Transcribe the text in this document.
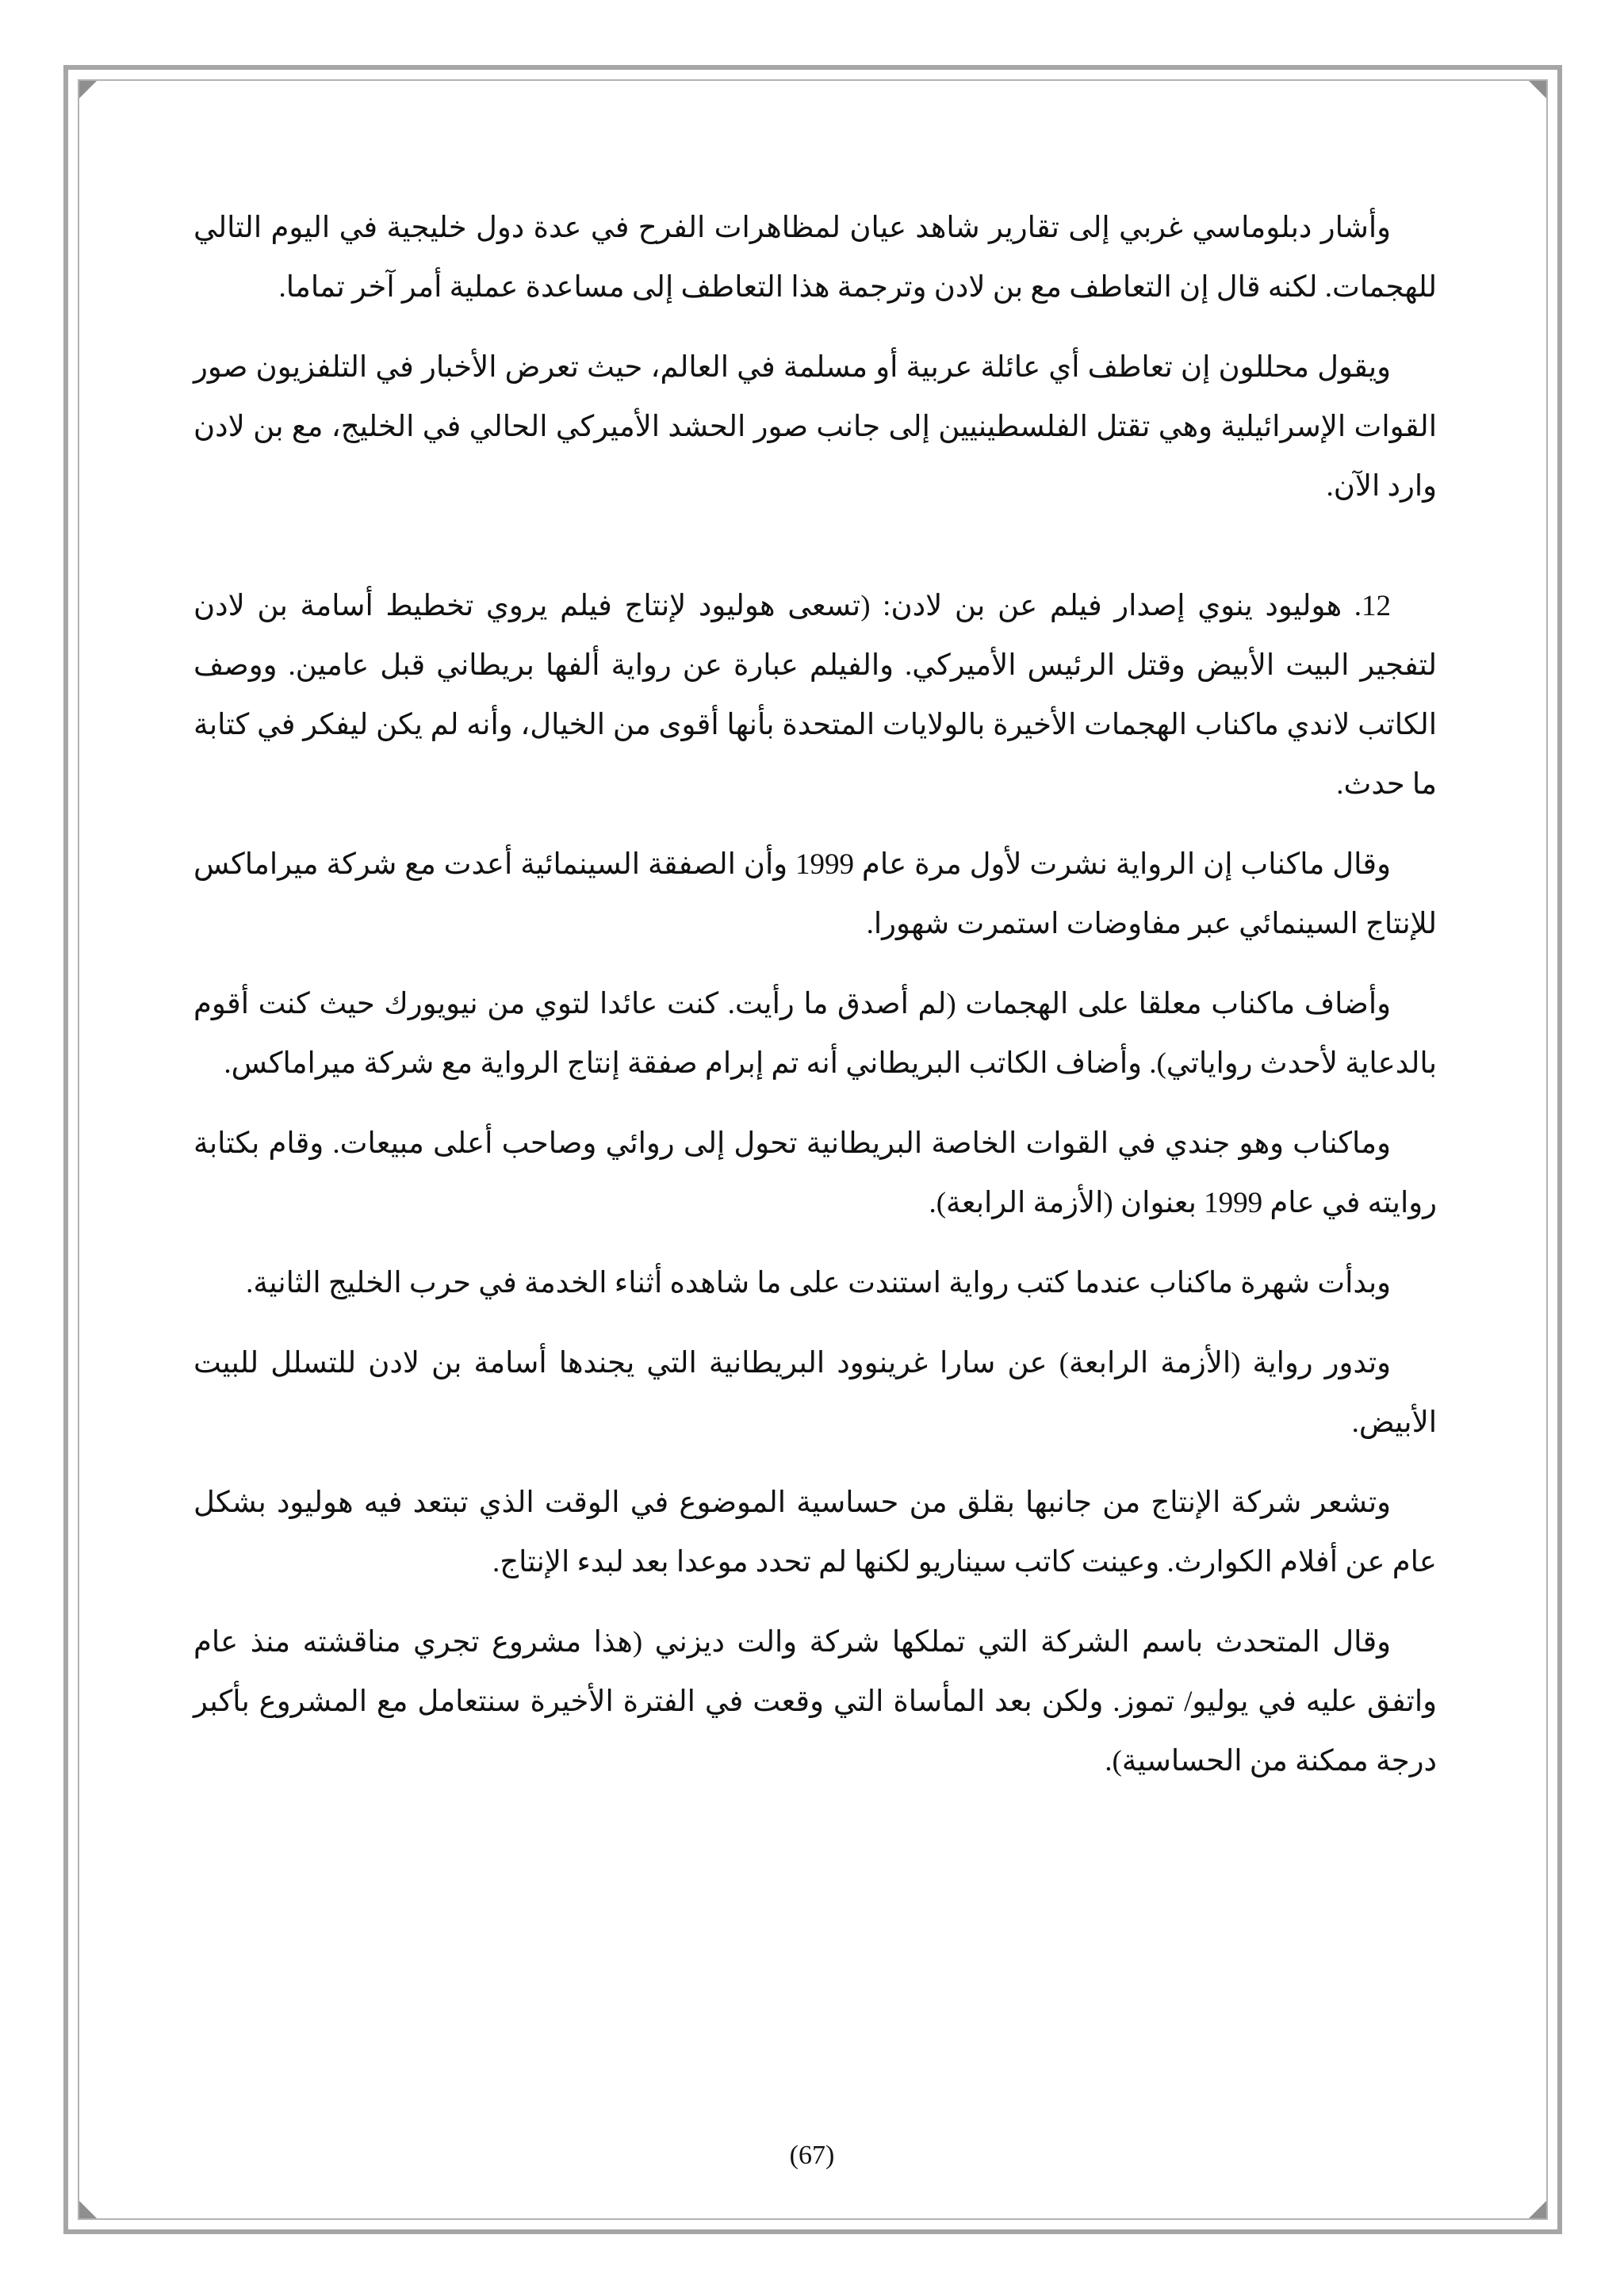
وأشار دبلوماسي غربي إلى تقارير شاهد عيان لمظاهرات الفرح في عدة دول خليجية في اليوم التالي للهجمات. لكنه قال إن التعاطف مع بن لادن وترجمة هذا التعاطف إلى مساعدة عملية أمر آخر تماما.

ويقول محللون إن تعاطف أي عائلة عربية أو مسلمة في العالم، حيث تعرض الأخبار في التلفزيون صور القوات الإسرائيلية وهي تقتل الفلسطينيين إلى جانب صور الحشد الأميركي الحالي في الخليج، مع بن لادن وارد الآن.

12. هوليود ينوي إصدار فيلم عن بن لادن: (تسعى هوليود لإنتاج فيلم يروي تخطيط أسامة بن لادن لتفجير البيت الأبيض وقتل الرئيس الأميركي. والفيلم عبارة عن رواية ألفها بريطاني قبل عامين. ووصف الكاتب لاندي ماكناب الهجمات الأخيرة بالولايات المتحدة بأنها أقوى من الخيال، وأنه لم يكن ليفكر في كتابة ما حدث.

وقال ماكناب إن الرواية نشرت لأول مرة عام 1999 وأن الصفقة السينمائية أعدت مع شركة ميراماكس للإنتاج السينمائي عبر مفاوضات استمرت شهورا.

وأضاف ماكناب معلقا على الهجمات (لم أصدق ما رأيت. كنت عائدا لتوي من نيويورك حيث كنت أقوم بالدعاية لأحدث رواياتي). وأضاف الكاتب البريطاني أنه تم إبرام صفقة إنتاج الرواية مع شركة ميراماكس.

وماكناب وهو جندي في القوات الخاصة البريطانية تحول إلى روائي وصاحب أعلى مبيعات. وقام بكتابة روايته في عام 1999 بعنوان (الأزمة الرابعة).

وبدأت شهرة ماكناب عندما كتب رواية استندت على ما شاهده أثناء الخدمة في حرب الخليج الثانية.

وتدور رواية (الأزمة الرابعة) عن سارا غرينوود البريطانية التي يجندها أسامة بن لادن للتسلل للبيت الأبيض.

وتشعر شركة الإنتاج من جانبها بقلق من حساسية الموضوع في الوقت الذي تبتعد فيه هوليود بشكل عام عن أفلام الكوارث. وعينت كاتب سيناريو لكنها لم تحدد موعدا بعد لبدء الإنتاج.

وقال المتحدث باسم الشركة التي تملكها شركة والت ديزني (هذا مشروع تجري مناقشته منذ عام واتفق عليه في يوليو/ تموز. ولكن بعد المأساة التي وقعت في الفترة الأخيرة سنتعامل مع المشروع بأكبر درجة ممكنة من الحساسية).

(67)
